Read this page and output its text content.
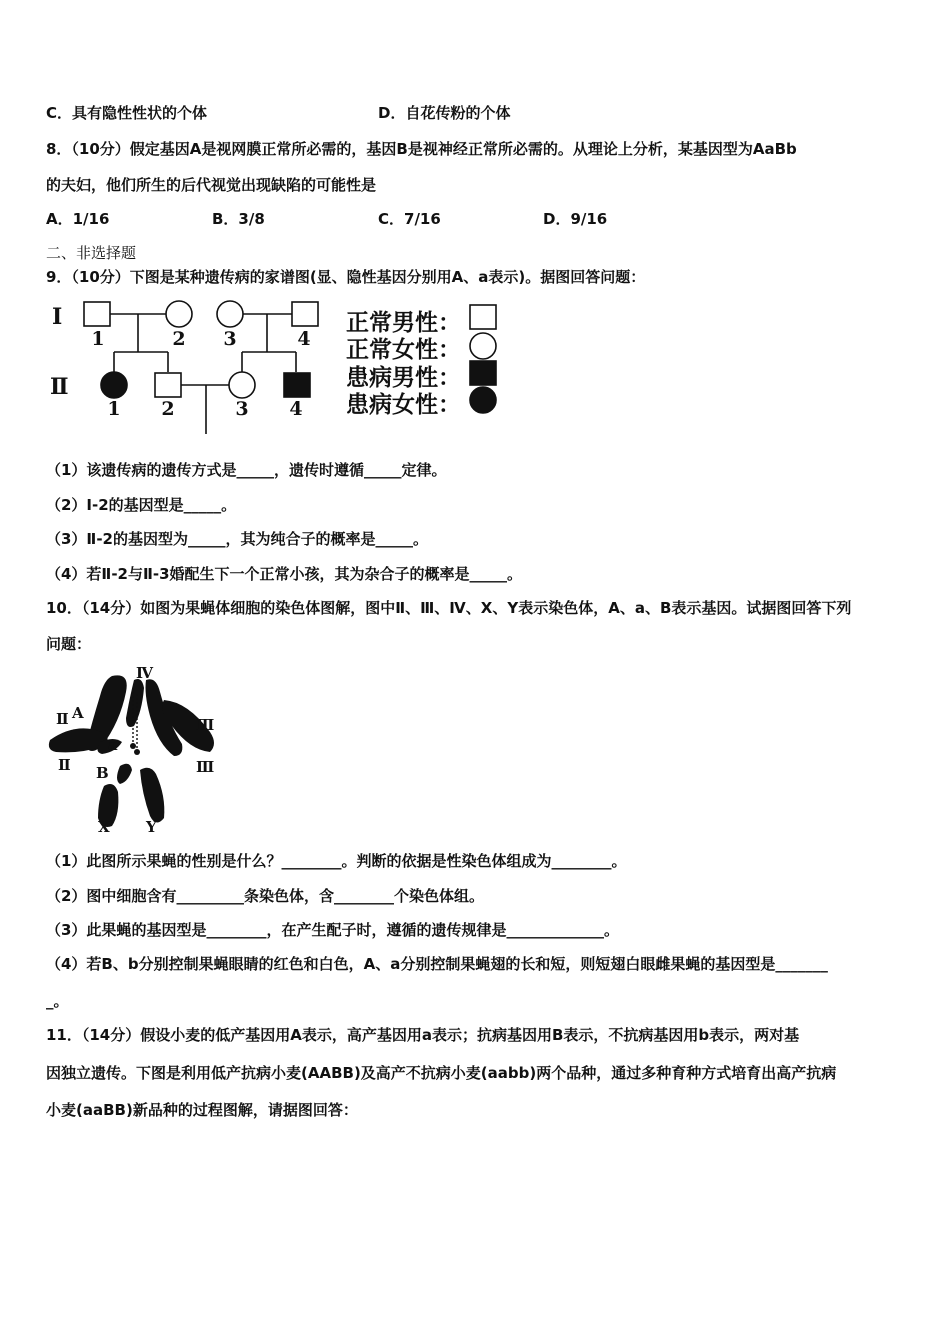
C．具有隐性性状的个体	D．自花传粉的个体
8．（10分）假定基因A是视网膜正常所必需的，基因B是视神经正常所必需的。从理论上分析，某基因型为AaBb
的夫妇，他们所生的后代视觉出现缺陷的可能性是
A．1/16	B．3/8	C．7/16	D．9/16
二、非选择题
9．（10分）下图是某种遗传病的家谱图(显、隐性基因分别用A、a表示)。据图回答问题：
Ⅰ
Ⅱ
1	2 3	4
1 2	3 4
正常男性：
正常女性：
患病男性：
患病女性：
（1）该遗传病的遗传方式是_____，遗传时遵循_____定律。
（2）Ⅰ-2的基因型是_____。
（3）Ⅱ-2的基因型为_____，其为纯合子的概率是_____。
（4）若Ⅱ-2与Ⅱ-3婚配生下一个正常小孩，其为杂合子的概率是_____。
10．（14分）如图为果蝇体细胞的染色体图解，图中Ⅱ、Ⅲ、Ⅳ、X、Y表示染色体，A、a、B表示基因。试据图回答下列
问题：
Ⅳ
Ⅱ A
a
Ⅱ B
Ⅲ
Ⅲ
X Y
（1）此图所示果蝇的性别是什么？________。判断的依据是性染色体组成为________。
（2）图中细胞含有_________条染色体，含________个染色体组。
（3）此果蝇的基因型是________，在产生配子时，遵循的遗传规律是_____________。
（4）若B、b分别控制果蝇眼睛的红色和白色，A、a分别控制果蝇翅的长和短，则短翅白眼雌果蝇的基因型是_______
_。
11．（14分）假设小麦的低产基因用A表示，高产基因用a表示；抗病基因用B表示，不抗病基因用b表示，两对基
因独立遗传。下图是利用低产抗病小麦(AABB)及高产不抗病小麦(aabb)两个品种，通过多种育种方式培育出高产抗病
小麦(aaBB)新品种的过程图解，请据图回答：
